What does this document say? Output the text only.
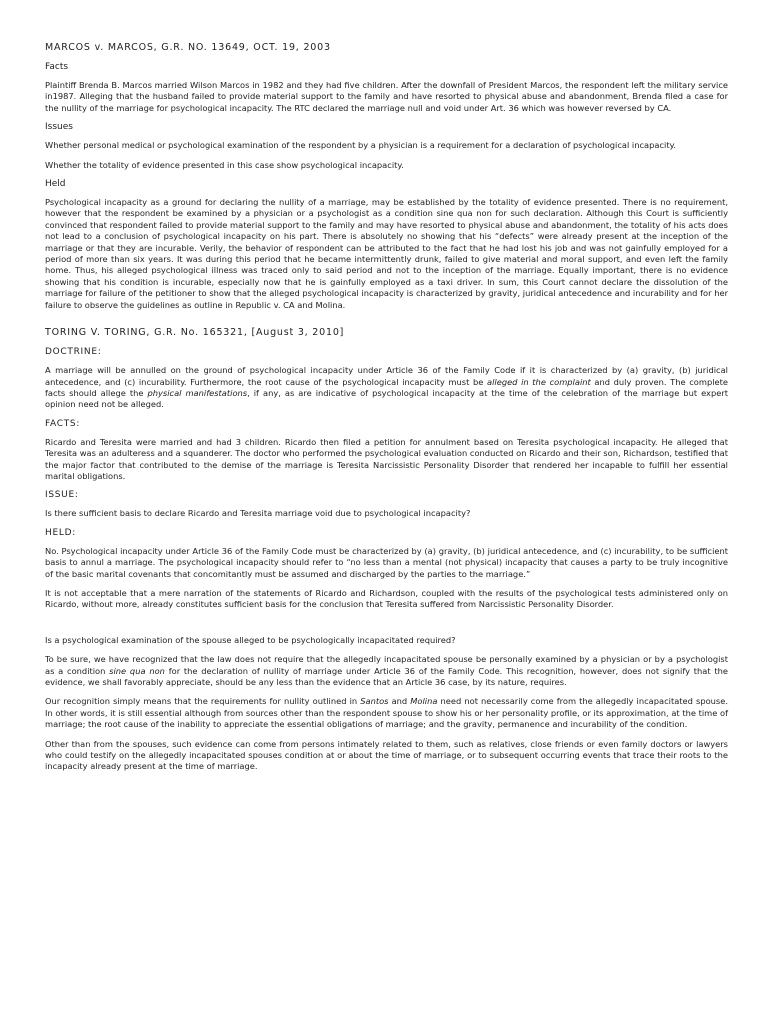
MARCOS v. MARCOS, G.R. NO. 13649, OCT. 19, 2003
Facts

Plaintiff Brenda B. Marcos married Wilson Marcos in 1982 and they had five children. After the downfall of President Marcos, the respondent left the military service in1987. Alleging that the husband failed to provide material support to the family and have resorted to physical abuse and abandonment, Brenda filed a case for the nullity of the marriage for psychological incapacity. The RTC declared the marriage null and void under Art. 36 which was however reversed by CA.

Issues

Whether personal medical or psychological examination of the respondent by a physician is a requirement for a declaration of psychological incapacity.

Whether the totality of evidence presented in this case show psychological incapacity.

Held

Psychological incapacity as a ground for declaring the nullity of a marriage, may be established by the totality of evidence presented. There is no requirement, however that the respondent be examined by a physician or a psychologist as a condition sine qua non for such declaration. Although this Court is sufficiently convinced that respondent failed to provide material support to the family and may have resorted to physical abuse and abandonment, the totality of his acts does not lead to a conclusion of psychological incapacity on his part. There is absolutely no showing that his “defects” were already present at the inception of the marriage or that they are incurable. Verily, the behavior of respondent can be attributed to the fact that he had lost his job and was not gainfully employed for a period of more than six years. It was during this period that he became intermittently drunk, failed to give material and moral support, and even left the family home. Thus, his alleged psychological illness was traced only to said period and not to the inception of the marriage. Equally important, there is no evidence showing that his condition is incurable, especially now that he is gainfully employed as a taxi driver. In sum, this Court cannot declare the dissolution of the marriage for failure of the petitioner to show that the alleged psychological incapacity is characterized by gravity, juridical antecedence and incurability and for her failure to observe the guidelines as outline in Republic v. CA and Molina.

TORING V. TORING, G.R. No. 165321, [August 3, 2010]
DOCTRINE:

A marriage will be annulled on the ground of psychological incapacity under Article 36 of the Family Code if it is characterized by (a) gravity, (b) juridical antecedence, and (c) incurability. Furthermore, the root cause of the psychological incapacity must be alleged in the complaint and duly proven. The complete facts should allege the physical manifestations, if any, as are indicative of psychological incapacity at the time of the celebration of the marriage but expert opinion need not be alleged.

FACTS:

Ricardo and Teresita were married and had 3 children. Ricardo then filed a petition for annulment based on Teresita psychological incapacity. He alleged that Teresita was an adulteress and a squanderer. The doctor who performed the psychological evaluation conducted on Ricardo and their son, Richardson, testified that the major factor that contributed to the demise of the marriage is Teresita Narcissistic Personality Disorder that rendered her incapable to fulfill her essential marital obligations.

ISSUE:

Is there sufficient basis to declare Ricardo and Teresita marriage void due to psychological incapacity?

HELD:

No. Psychological incapacity under Article 36 of the Family Code must be characterized by (a) gravity, (b) juridical antecedence, and (c) incurability, to be sufficient basis to annul a marriage. The psychological incapacity should refer to “no less than a mental (not physical) incapacity that causes a party to be truly incognitive of the basic marital covenants that concomitantly must be assumed and discharged by the parties to the marriage.”

It is not acceptable that a mere narration of the statements of Ricardo and Richardson, coupled with the results of the psychological tests administered only on Ricardo, without more, already constitutes sufficient basis for the conclusion that Teresita suffered from Narcissistic Personality Disorder.

Is a psychological examination of the spouse alleged to be psychologically incapacitated required?

To be sure, we have recognized that the law does not require that the allegedly incapacitated spouse be personally examined by a physician or by a psychologist as a condition sine qua non for the declaration of nullity of marriage under Article 36 of the Family Code. This recognition, however, does not signify that the evidence, we shall favorably appreciate, should be any less than the evidence that an Article 36 case, by its nature, requires.

Our recognition simply means that the requirements for nullity outlined in Santos and Molina need not necessarily come from the allegedly incapacitated spouse. In other words, it is still essential although from sources other than the respondent spouse to show his or her personality profile, or its approximation, at the time of marriage; the root cause of the inability to appreciate the essential obligations of marriage; and the gravity, permanence and incurability of the condition.

Other than from the spouses, such evidence can come from persons intimately related to them, such as relatives, close friends or even family doctors or lawyers who could testify on the allegedly incapacitated spouses condition at or about the time of marriage, or to subsequent occurring events that trace their roots to the incapacity already present at the time of marriage.
